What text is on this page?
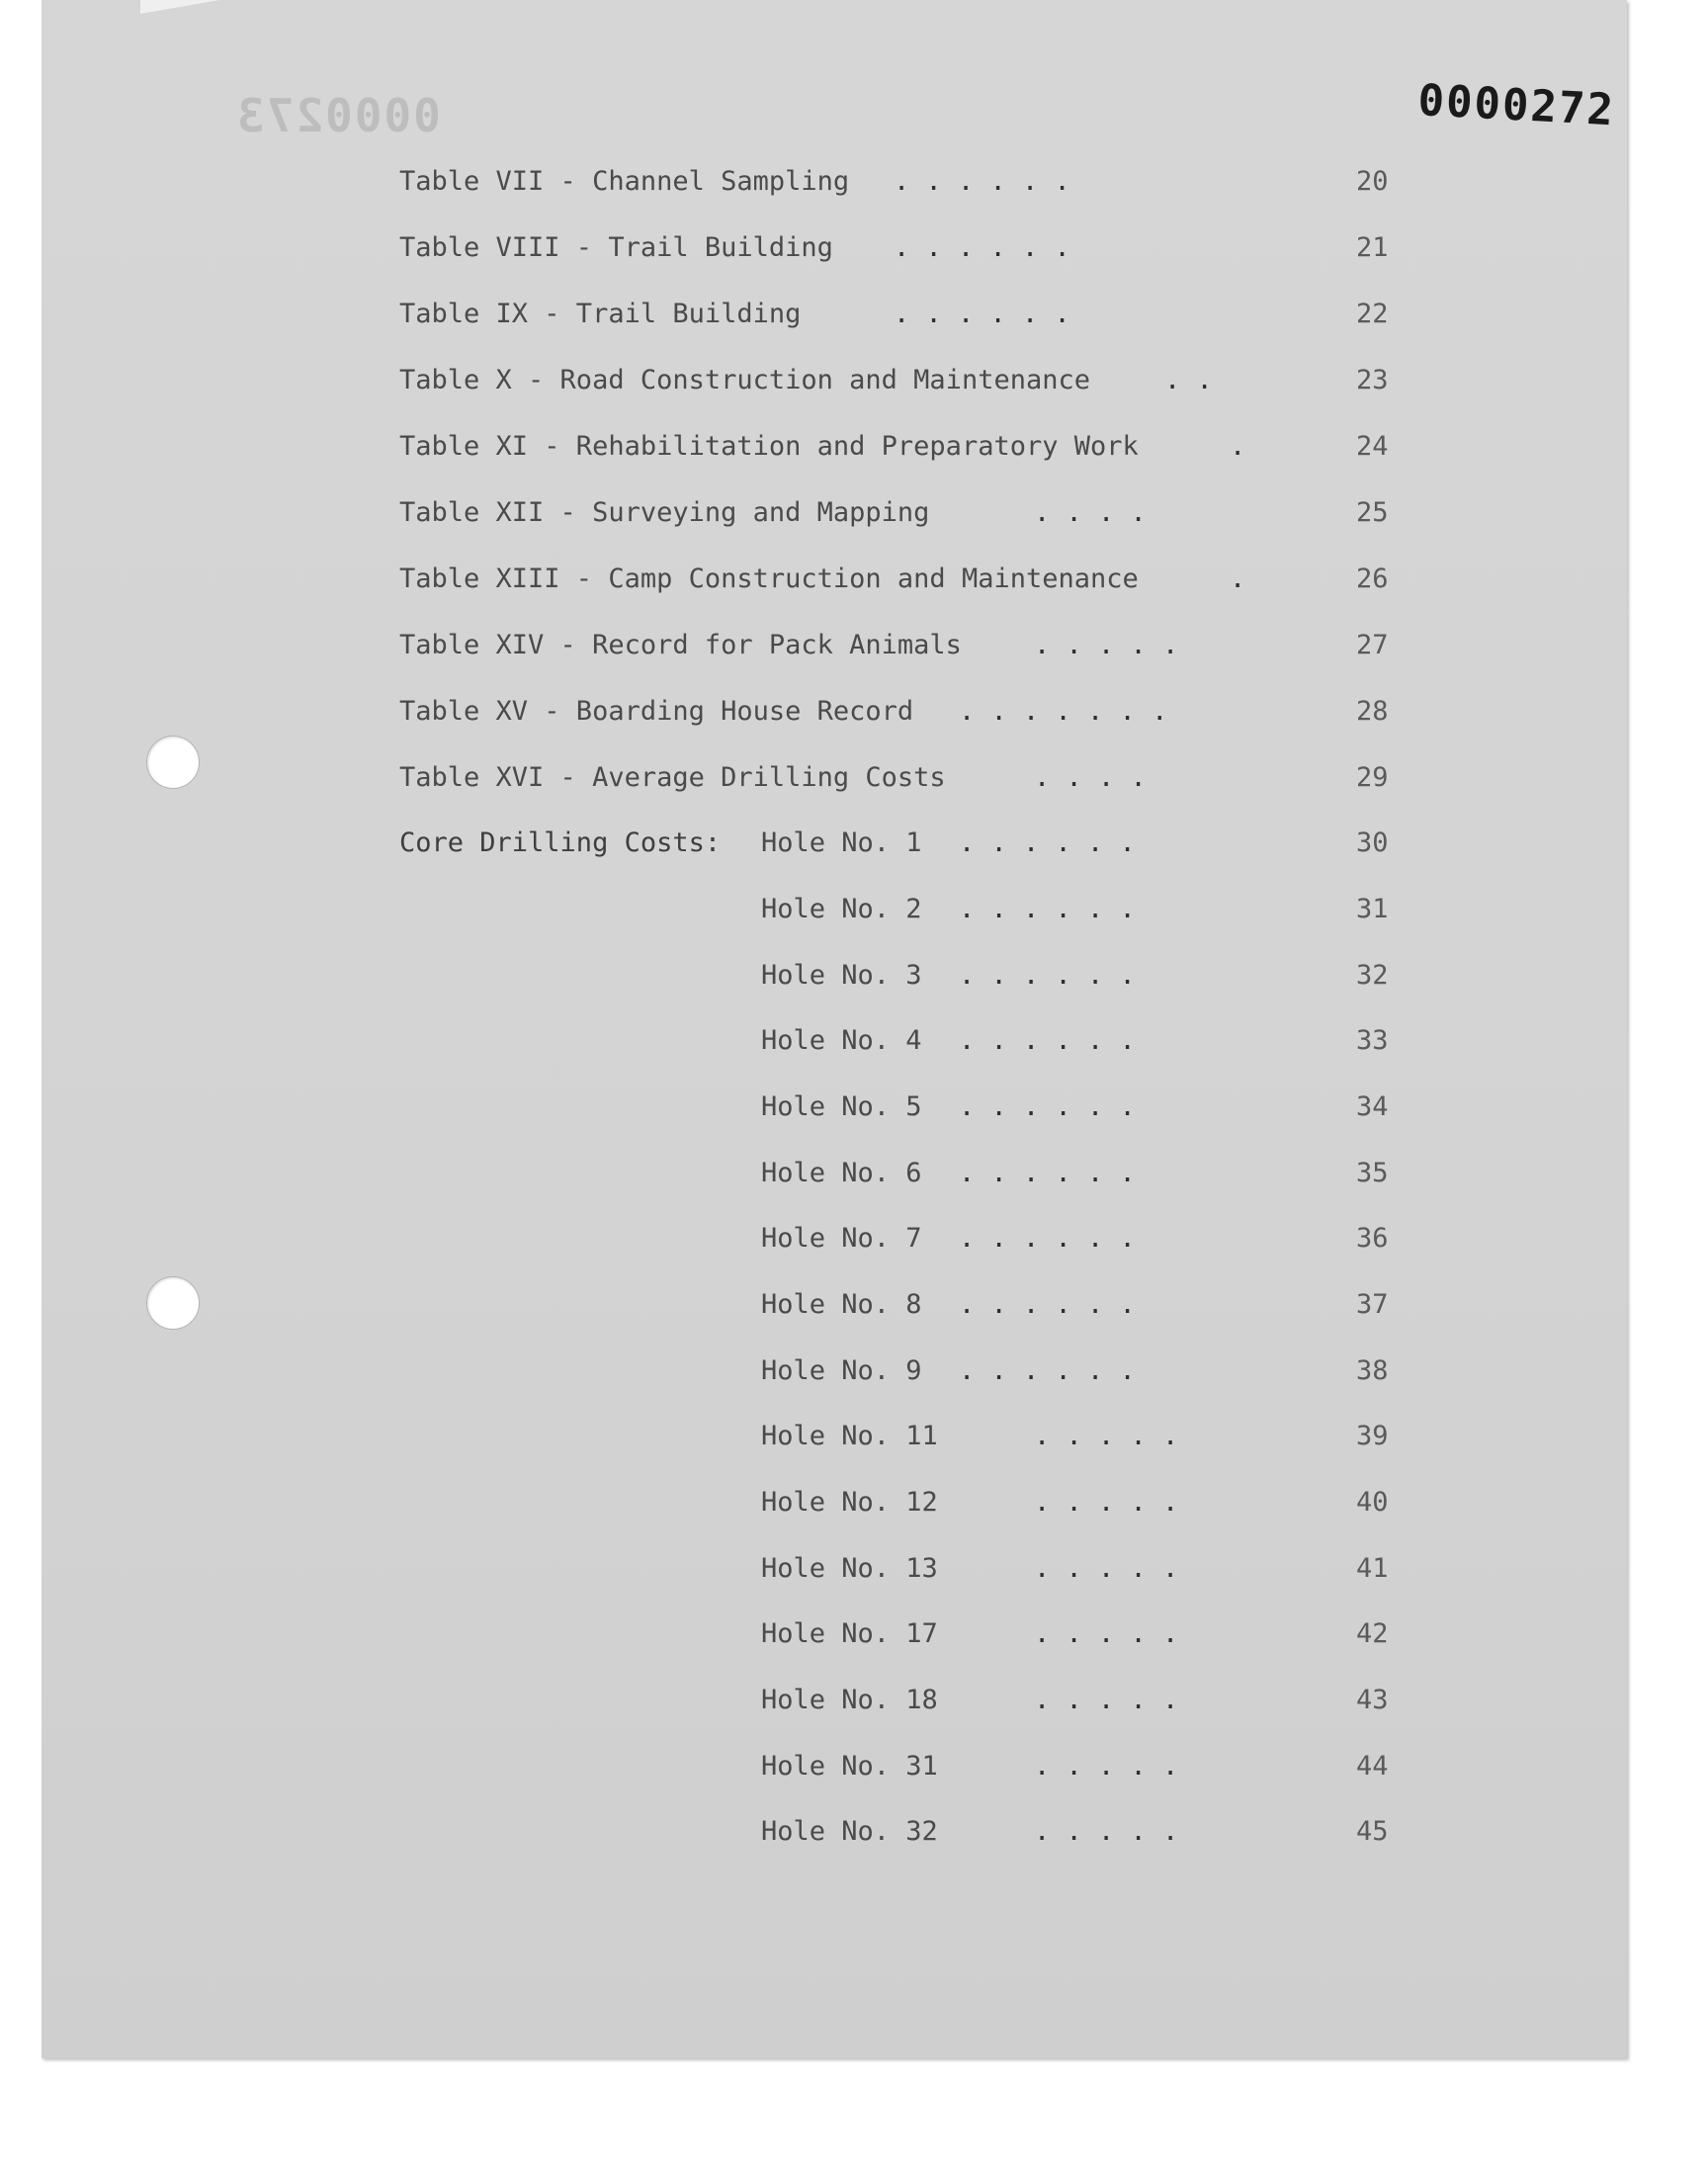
0000273	0000272
Table VII - Channel Sampling . . . . . .	20
Table VIII - Trail Building . . . . . .	21
Table IX - Trail Building	. . . . . .	22
Table X - Road Construction and Maintenance	. .	23
Table XI - Rehabilitation and Preparatory Work	.	24
Table XII - Surveying and Mapping	. . . .	25
Table XIII - Camp Construction and Maintenance	.	26
Table XIV - Record for Pack Animals	. . . . .	27
Table XV - Boarding House Record . . . . . . .	28
Table XVI - Average Drilling Costs	. . . .	29
Core Drilling Costs: Hole No. 1 . . . . . .	30
Hole No. 2 . . . . . .	31
Hole No. 3 . . . . . .	32
Hole No. 4 . . . . . .	33
Hole No. 5 . . . . . .	34
Hole No. 6 . . . . . .	35
Hole No. 7 . . . . . .	36
Hole No. 8 . . . . . .	37
Hole No. 9 . . . . . .	38
Hole No. 11	. . . . .	39
Hole No. 12	. . . . .	40
Hole No. 13	. . . . .	41
Hole No. 17	. . . . .	42
Hole No. 18	. . . . .	43
Hole No. 31	. . . . .	44
Hole No. 32	. . . . .	45
